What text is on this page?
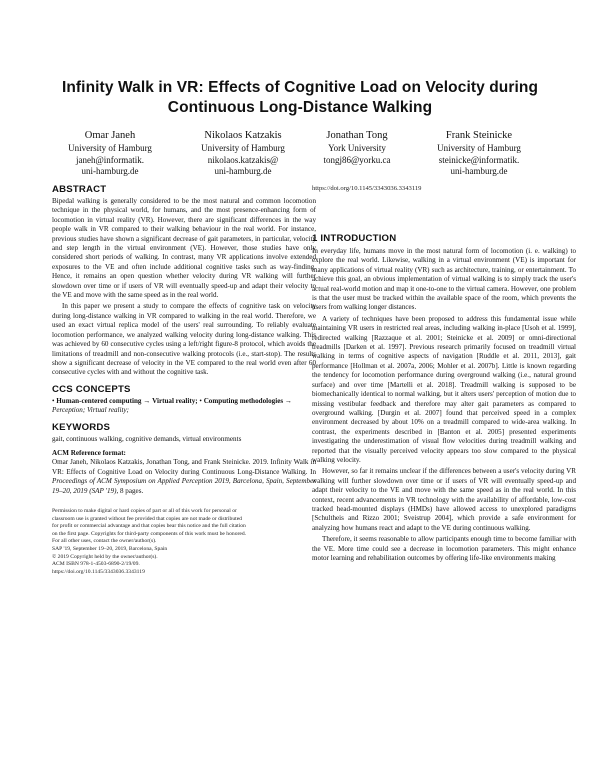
Infinity Walk in VR: Effects of Cognitive Load on Velocity during
Continuous Long-Distance Walking
Omar Janeh
University of Hamburg
janeh@informatik.
uni-hamburg.de
Nikolaos Katzakis
University of Hamburg
nikolaos.katzakis@
uni-hamburg.de
Jonathan Tong
York University
tongj86@yorku.ca
Frank Steinicke
University of Hamburg
steinicke@informatik.
uni-hamburg.de
ABSTRACT

Bipedal walking is generally considered to be the most natural and common locomotion technique in the physical world, for humans, and the most presence-enhancing form of locomotion in virtual reality (VR). However, there are significant differences in the way people walk in VR compared to their walking behaviour in the real world. For instance, previous studies have shown a significant decrease of gait parameters, in particular, velocity and step length in the virtual environment (VE). However, those studies have only considered short periods of walking. In contrast, many VR applications involve extended exposures to the VE and often include additional cognitive tasks such as way-finding. Hence, it remains an open question whether velocity during VR walking will further slowdown over time or if users of VR will eventually speed-up and adapt their velocity to the VE and move with the same speed as in the real world.

In this paper we present a study to compare the effects of cognitive task on velocity during long-distance walking in VR compared to walking in the real world. Therefore, we used an exact virtual replica model of the users' real surrounding. To reliably evaluate locomotion performance, we analyzed walking velocity during long-distance walking. This was achieved by 60 consecutive cycles using a left/right figure-8 protocol, which avoids the limitations of treadmill and non-consecutive walking protocols (i.e., start-stop). The results show a significant decrease of velocity in the VE compared to the real world even after 60 consecutive cycles with and without the cognitive task.

CCS CONCEPTS

• Human-centered computing → Virtual reality; • Computing methodologies → Perception; Virtual reality;

KEYWORDS

gait, continuous walking, cognitive demands, virtual environments

ACM Reference format:

Omar Janeh, Nikolaos Katzakis, Jonathan Tong, and Frank Steinicke. 2019. Infinity Walk in VR: Effects of Cognitive Load on Velocity during Continuous Long-Distance Walking. In Proceedings of ACM Symposium on Applied Perception 2019, Barcelona, Spain, September 19–20, 2019 (SAP '19), 8 pages.

Permission to make digital or hard copies of part or all of this work for personal or
classroom use is granted without fee provided that copies are not made or distributed
for profit or commercial advantage and that copies bear this notice and the full citation
on the first page. Copyrights for third-party components of this work must be honored.
For all other uses, contact the owner/author(s).
SAP '19, September 19–20, 2019, Barcelona, Spain
© 2019 Copyright held by the owner/author(s).
ACM ISBN 978-1-4503-6890-2/19/09.
https://doi.org/10.1145/3343036.3343119
https://doi.org/10.1145/3343036.3343119
1 INTRODUCTION

In everyday life, humans move in the most natural form of locomotion (i. e. walking) to explore the real world. Likewise, walking in a virtual environment (VE) is important for many applications of virtual reality (VR) such as architecture, training, or entertainment. To achieve this goal, an obvious implementation of virtual walking is to simply track the user's actual real-world motion and map it one-to-one to the virtual camera. However, one problem is that the user must be tracked within the available space of the room, which prevents the users from walking longer distances.

A variety of techniques have been proposed to address this fundamental issue while maintaining VR users in restricted real areas, including walking in-place [Usoh et al. 1999], redirected walking [Razzaque et al. 2001; Steinicke et al. 2009] or omni-directional treadmills [Darken et al. 1997]. Previous research primarily focused on treadmill virtual walking in terms of cognitive aspects of navigation [Ruddle et al. 2011, 2013], gait performance [Hollman et al. 2007a, 2006; Mohler et al. 2007b]. Little is known regarding the tendency for locomotion performance during overground walking (i.e., natural ground surface) and over time [Martelli et al. 2018]. Treadmill walking is supposed to be biomechanically identical to normal walking, but it alters users' perception of motion due to missing vestibular feedback and therefore may alter gait parameters as compared to overground walking. [Durgin et al. 2007] found that perceived speed in a complex environment decreased by about 10% on a treadmill compared to wide-area walking. In contrast, the experiments described in [Banton et al. 2005] presented experiments investigating the underestimation of visual flow velocities during treadmill walking and reported that the visually perceived velocity appears too slow compared to the physical walking velocity.

However, so far it remains unclear if the differences between a user's velocity during VR walking will further slowdown over time or if users of VR will eventually speed-up and adapt their velocity to the VE and move with the same speed as in the real world. In this context, recent advancements in VR technology with the availability of affordable, low-cost tracked head-mounted displays (HMDs) have allowed access to unexplored paradigms [Schultheis and Rizzo 2001; Sveistrup 2004], which provide a safe environment for analyzing how humans react and adapt to the VE during continuous walking.

Therefore, it seems reasonable to allow participants enough time to become familiar with the VE. More time could see a decrease in locomotion parameters. This might enhance motor learning and rehabilitation outcomes by offering life-like environments making
